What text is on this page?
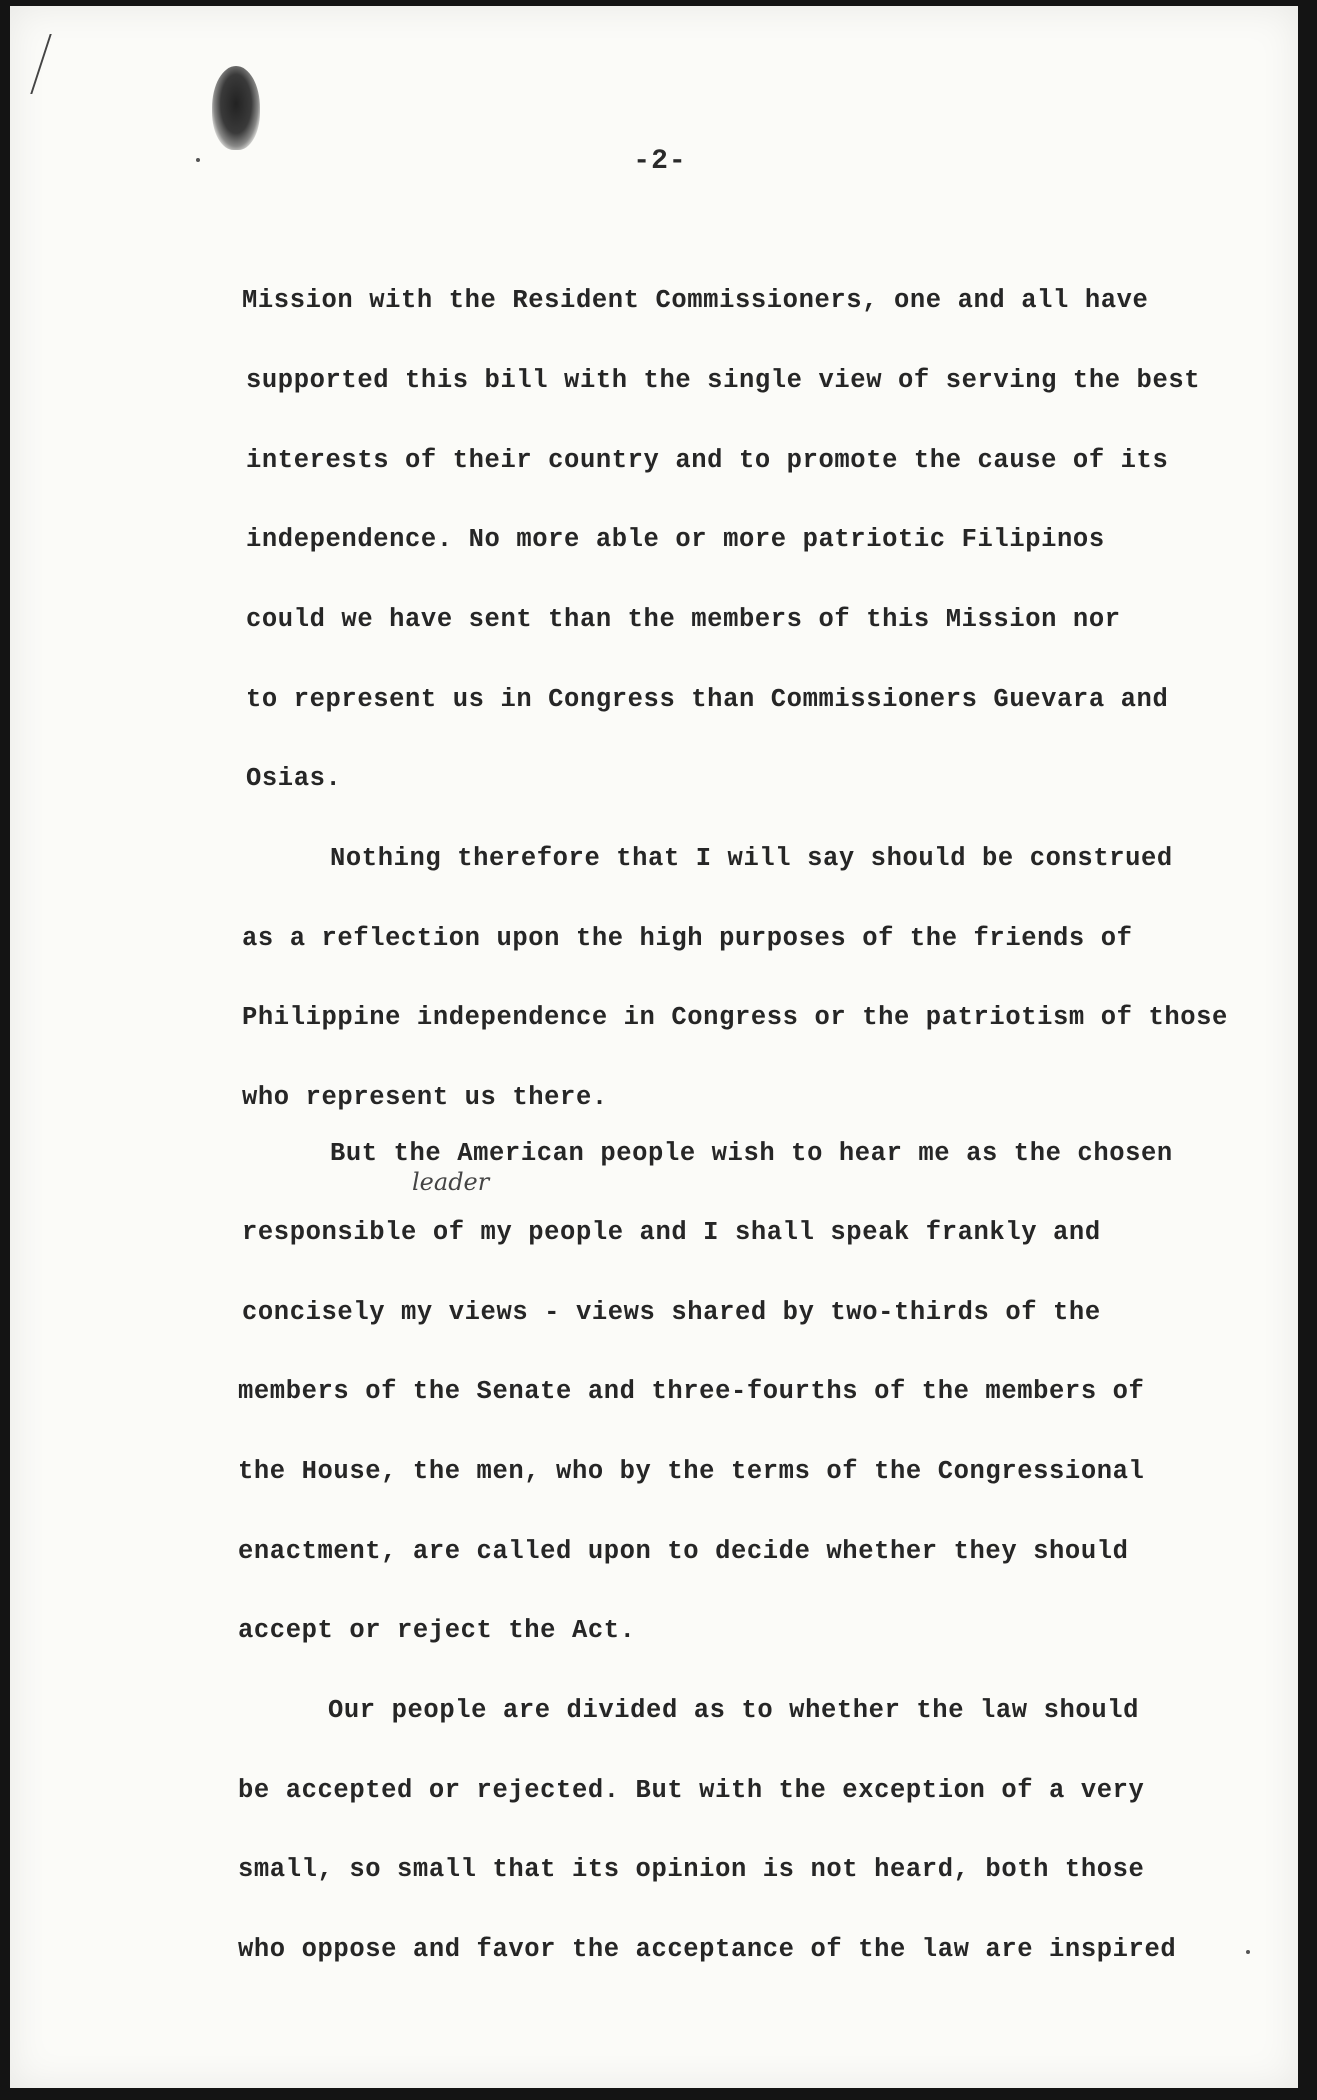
-2-
Mission with the Resident Commissioners, one and all have
supported this bill with the single view of serving the best
interests of their country and to promote the cause of its
independence. No more able or more patriotic Filipinos
could we have sent than the members of this Mission nor
to represent us in Congress than Commissioners Guevara and
Osias.
Nothing therefore that I will say should be construed
as a reflection upon the high purposes of the friends of
Philippine independence in Congress or the patriotism of those
who represent us there.
But the American people wish to hear me as the chosen
leader
responsible of my people and I shall speak frankly and
concisely my views - views shared by two-thirds of the
members of the Senate and three-fourths of the members of
the House, the men, who by the terms of the Congressional
enactment, are called upon to decide whether they should
accept or reject the Act.
Our people are divided as to whether the law should
be accepted or rejected. But with the exception of a very
small, so small that its opinion is not heard, both those
who oppose and favor the acceptance of the law are inspired
